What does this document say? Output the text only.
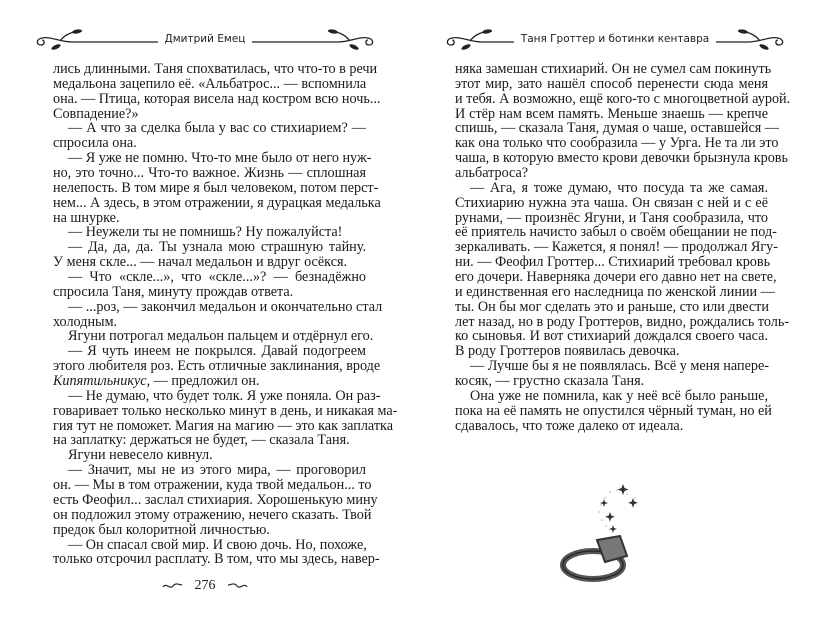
Дмитрий Емец
лись длинными. Таня спохватилась, что что-то в речи
медальона зацепило её. «Альбатрос... — вспомнила
она. — Птица, которая висела над костром всю ночь...
Совпадение?»
— А что за сделка была у вас со стихиарием? —
спросила она.
— Я уже не помню. Что-то мне было от него нуж-
но, это точно... Что-то важное. Жизнь — сплошная
нелепость. В том мире я был человеком, потом перст-
нем... А здесь, в этом отражении, я дурацкая медалька
на шнурке.
— Неужели ты не помнишь? Ну пожалуйста!
— Да, да, да. Ты узнала мою страшную тайну.
У меня скле... — начал медальон и вдруг осёкся.
— Что «скле...», что «скле...»? — безнадёжно
спросила Таня, минуту прождав ответа.
— ...роз, — закончил медальон и окончательно стал
холодным.
Ягуни потрогал медальон пальцем и отдёрнул его.
— Я чуть инеем не покрылся. Давай подогреем
этого любителя роз. Есть отличные заклинания, вроде
Кипятильникус, — предложил он.
— Не думаю, что будет толк. Я уже поняла. Он раз-
говаривает только несколько минут в день, и никакая ма-
гия тут не поможет. Магия на магию — это как заплатка
на заплатку: держаться не будет, — сказала Таня.
Ягуни невесело кивнул.
— Значит, мы не из этого мира, — проговорил
он. — Мы в том отражении, куда твой медальон... то
есть Феофил... заслал стихиария. Хорошенькую мину
он подложил этому отражению, нечего сказать. Твой
предок был колоритной личностью.
— Он спасал свой мир. И свою дочь. Но, похоже,
только отсрочил расплату. В том, что мы здесь, навер-
276
Таня Гроттер и ботинки кентавра
няка замешан стихиарий. Он не сумел сам покинуть
этот мир, зато нашёл способ перенести сюда меня
и тебя. А возможно, ещё кого-то с многоцветной аурой.
И стёр нам всем память. Меньше знаешь — крепче
спишь, — сказала Таня, думая о чаше, оставшейся —
как она только что сообразила — у Урга. Не та ли это
чаша, в которую вместо крови девочки брызнула кровь
альбатроса?
— Ага, я тоже думаю, что посуда та же самая.
Стихиарию нужна эта чаша. Он связан с ней и с её
рунами, — произнёс Ягуни, и Таня сообразила, что
её приятель начисто забыл о своём обещании не под-
зеркаливать. — Кажется, я понял! — продолжал Ягу-
ни. — Феофил Гроттер... Стихиарий требовал кровь
его дочери. Наверняка дочери его давно нет на свете,
и единственная его наследница по женской линии —
ты. Он бы мог сделать это и раньше, сто или двести
лет назад, но в роду Гроттеров, видно, рождались толь-
ко сыновья. И вот стихиарий дождался своего часа.
В роду Гроттеров появилась девочка.
— Лучше бы я не появлялась. Всё у меня напере-
косяк, — грустно сказала Таня.
Она уже не помнила, как у неё всё было раньше,
пока на её память не опустился чёрный туман, но ей
сдавалось, что тоже далеко от идеала.
